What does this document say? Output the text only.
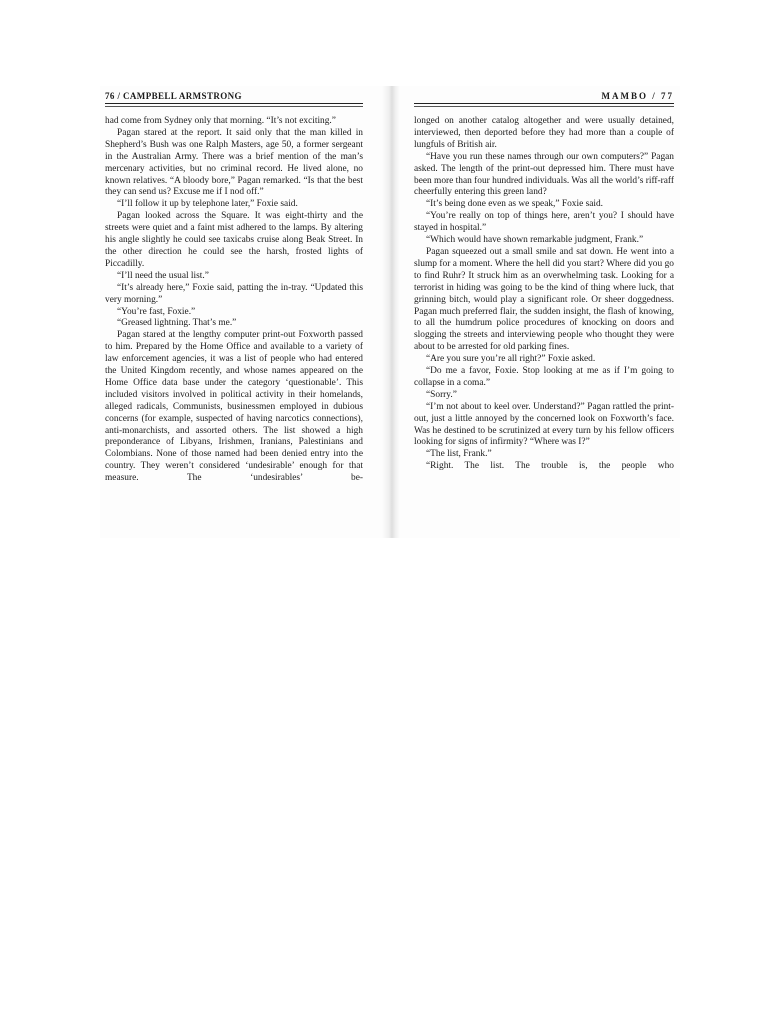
76 / CAMPBELL ARMSTRONG

had come from Sydney only that morning. “It’s not exciting.”

Pagan stared at the report. It said only that the man killed in Shepherd’s Bush was one Ralph Masters, age 50, a former sergeant in the Australian Army. There was a brief mention of the man’s mercenary activities, but no criminal record. He lived alone, no known relatives. “A bloody bore,” Pagan remarked. “Is that the best they can send us? Excuse me if I nod off.”

“I’ll follow it up by telephone later,” Foxie said.

Pagan looked across the Square. It was eight-thirty and the streets were quiet and a faint mist adhered to the lamps. By altering his angle slightly he could see taxicabs cruise along Beak Street. In the other direction he could see the harsh, frosted lights of Piccadilly.

“I’ll need the usual list.”

“It’s already here,” Foxie said, patting the in-tray. “Updated this very morning.”

“You’re fast, Foxie.”

“Greased lightning. That’s me.”

Pagan stared at the lengthy computer print-out Foxworth passed to him. Prepared by the Home Office and available to a variety of law enforcement agencies, it was a list of people who had entered the United Kingdom recently, and whose names appeared on the Home Office data base under the category ‘questionable’. This included visitors involved in political activity in their homelands, alleged radicals, Communists, businessmen employed in dubious concerns (for example, suspected of having narcotics connections), anti-monarchists, and assorted others. The list showed a high preponderance of Libyans, Irishmen, Iranians, Palestinians and Colombians. None of those named had been denied entry into the country. They weren’t considered ‘undesirable’ enough for that measure. The ‘undesirables’ be-

MAMBO / 77

longed on another catalog altogether and were usually detained, interviewed, then deported before they had more than a couple of lungfuls of British air.

“Have you run these names through our own computers?” Pagan asked. The length of the print-out depressed him. There must have been more than four hundred individuals. Was all the world’s riff-raff cheerfully entering this green land?

“It’s being done even as we speak,” Foxie said.

“You’re really on top of things here, aren’t you? I should have stayed in hospital.”

“Which would have shown remarkable judgment, Frank.”

Pagan squeezed out a small smile and sat down. He went into a slump for a moment. Where the hell did you start? Where did you go to find Ruhr? It struck him as an overwhelming task. Looking for a terrorist in hiding was going to be the kind of thing where luck, that grinning bitch, would play a significant role. Or sheer doggedness. Pagan much preferred flair, the sudden insight, the flash of knowing, to all the humdrum police procedures of knocking on doors and slogging the streets and interviewing people who thought they were about to be arrested for old parking fines.

“Are you sure you’re all right?” Foxie asked.

“Do me a favor, Foxie. Stop looking at me as if I’m going to collapse in a coma.”

“Sorry.”

“I’m not about to keel over. Understand?” Pagan rattled the print-out, just a little annoyed by the concerned look on Foxworth’s face. Was he destined to be scrutinized at every turn by his fellow officers looking for signs of infirmity? “Where was I?”

“The list, Frank.”

“Right. The list. The trouble is, the people who
